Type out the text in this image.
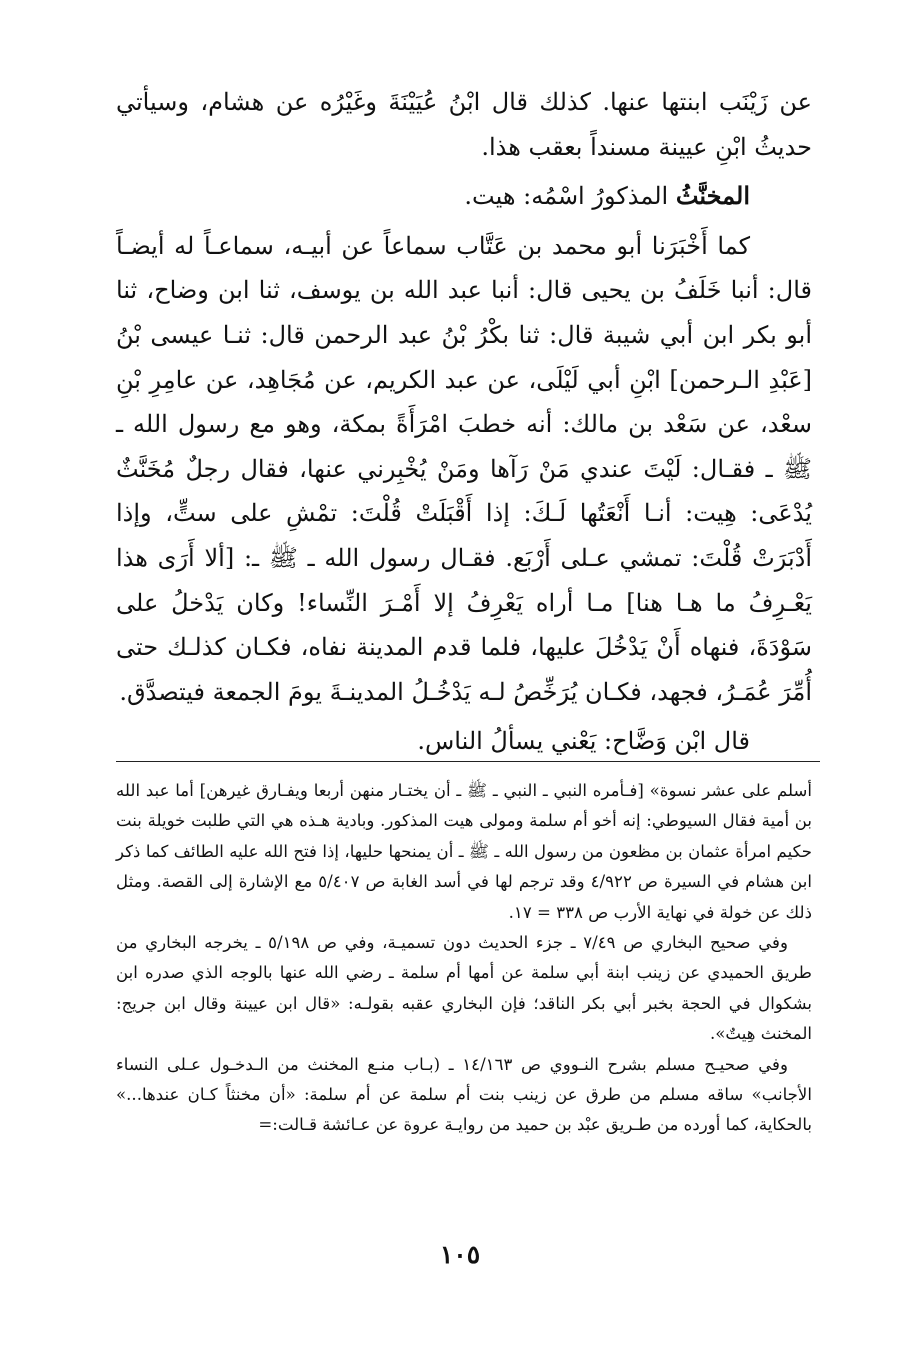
عن زَيْنَب ابنتها عنها. كذلك قال ابْنُ عُيَيْنَةَ وغَيْرُه عن هشام، وسيأتي حديثُ ابْنِ عيينة مسنداً بعقب هذا.

المخنَّثُ المذكورُ اسْمُه: هيت.

كما أَخْبَرَنا أبو محمد بن عَتَّاب سماعاً عن أبيـه، سماعـاً له أيضـاً قال: أنبا خَلَفُ بن يحيى قال: أنبا عبد الله بن يوسف، ثنا ابن وضاح، ثنا أبو بكر ابن أبي شيبة قال: ثنا بكْرُ بْنُ عبد الرحمن قال: ثنـا عيسى بْنُ [عَبْدِ الـرحمن] ابْنِ أبي لَيْلَى، عن عبد الكريم، عن مُجَاهِد، عن عامِرِ بْنِ سعْد، عن سَعْد بن مالك: أنه خطبَ امْرَأَةً بمكة، وهو مع رسول الله ـ ﷺ ـ فقـال: لَيْتَ عندي مَنْ رَآها ومَنْ يُخْبِرني عنها، فقال رجلٌ مُخَنَّثٌ يُدْعَى: هِيت: أنـا أَنْعَتُها لَـكَ: إذا أَقْبَلَتْ قُلْتَ: تمْشِ على ستٍّ، وإذا أَدْبَرَتْ قُلْتَ: تمشي عـلى أَرْبَع. فقـال رسول الله ـ ﷺ ـ: [ألا أَرَى هذا يَعْـرِفُ ما هـا هنا] مـا أراه يَعْرِفُ إلا أَمْـرَ النِّساء! وكان يَدْخلُ على سَوْدَةَ، فنهاه أَنْ يَدْخُلَ عليها، فلما قدم المدينة نفاه، فكـان كذلـك حتى أُمِّرَ عُمَـرُ، فجهد، فكـان يُرَخِّصُ لـه يَدْخُـلُ المدينـةَ يومَ الجمعة فيتصدَّق.

قال ابْن وَضَّاح: يَعْني يسألُ الناس.

أسلم على عشر نسوة» [فـأمره النبي ـ النبي ـ ﷺ ـ أن يختـار منهن أربعا ويفـارق غيرهن] أما عبد الله بن أمية فقال السيوطي: إنه أخو أم سلمة ومولى هيت المذكور. وبادية هـذه هي التي طلبت خويلة بنت حكيم امرأة عثمان بن مظعون من رسول الله ـ ﷺ ـ أن يمنحها حليها، إذا فتح الله عليه الطائف كما ذكر ابن هشام في السيرة ص ٤/٩٢٢ وقد ترجم لها في أسد الغابة ص ٥/٤٠٧ مع الإشارة إلى القصة. ومثل ذلك عن خولة في نهاية الأرب ص ٣٣٨ = ١٧.

وفي صحيح البخاري ص ٧/٤٩ ـ جزء الحديث دون تسميـة، وفي ص ٥/١٩٨ ـ يخرجه البخاري من طريق الحميدي عن زينب ابنة أبي سلمة عن أمها أم سلمة ـ رضي الله عنها بالوجه الذي صدره ابن بشكوال في الحجة بخبر أبي بكر الناقد؛ فإن البخاري عقبه بقولـه: «قال ابن عيينة وقال ابن جريج: المخنث هِيتٌ».

وفي صحيـح مسلم بشرح النـووي ص ١٤/١٦٣ ـ (بـاب منـع المخنث من الـدخـول عـلى النساء الأجانب» ساقه مسلم من طرق عن زينب بنت أم سلمة عن أم سلمة: «أن مخنثاً كـان عندها...» بالحكاية، كما أورده من طـريق عبْد بن حميد من روايـة عروة عن عـائشة قـالت:=

١٠٥
